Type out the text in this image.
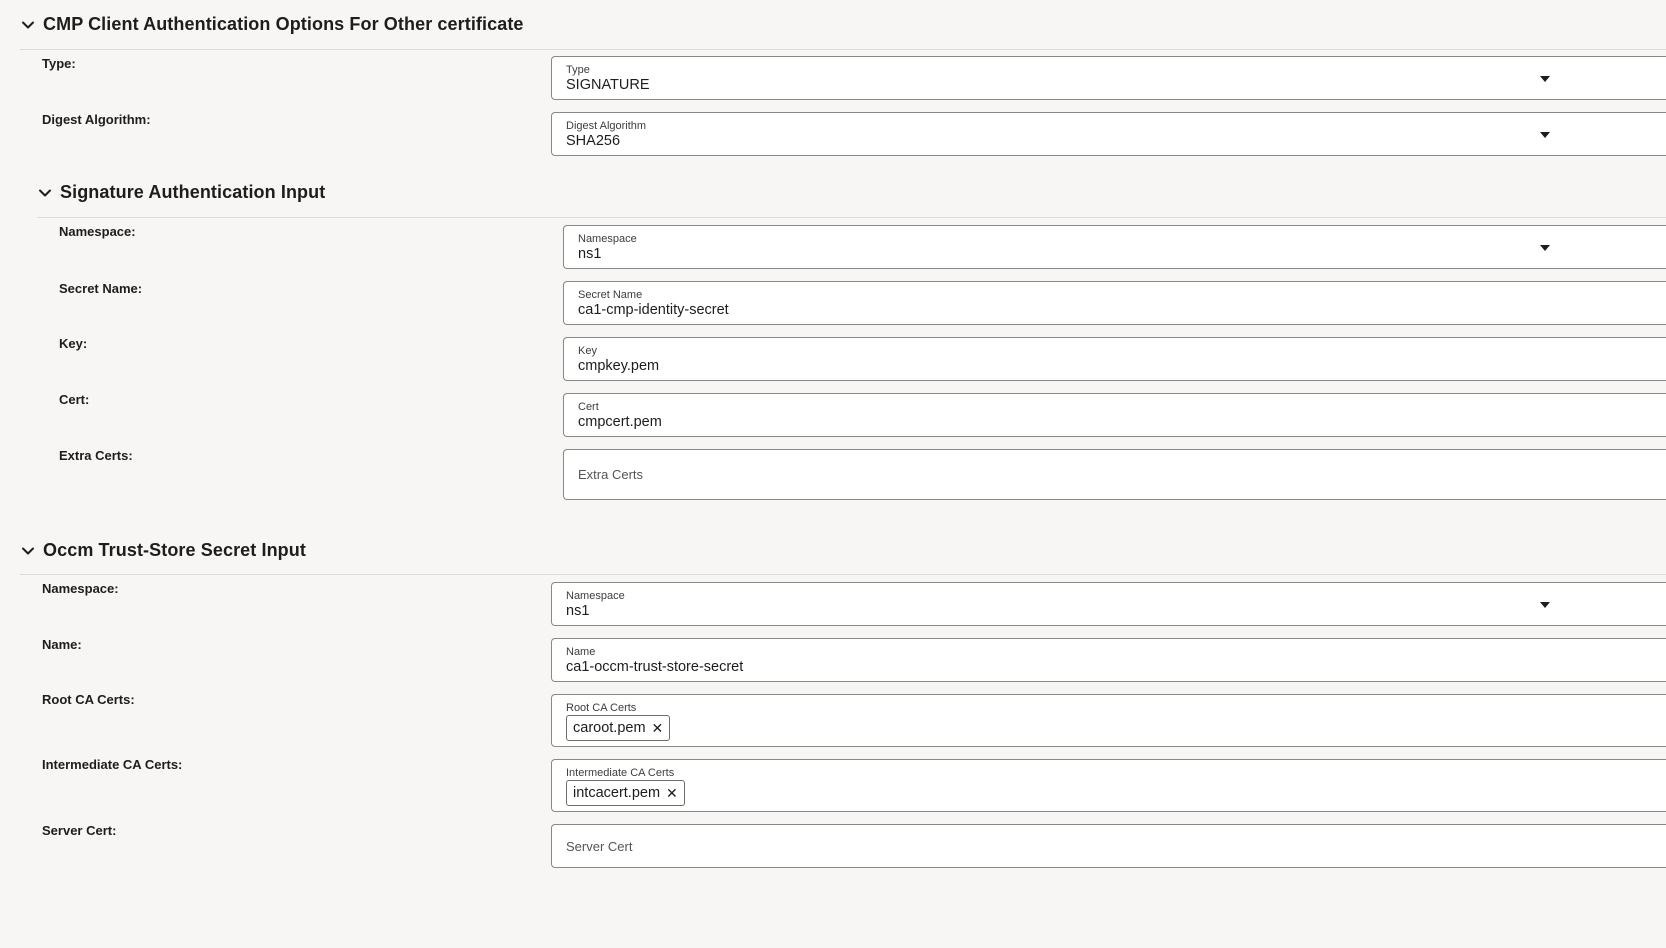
CMP Client Authentication Options For Other certificate
Type:	Type
SIGNATURE
Digest Algorithm:	Digest Algorithm
SHA256
Signature Authentication Input
Namespace:	Namespace
ns1
Secret Name:	Secret Name
ca1-cmp-identity-secret
Key:	Key
cmpkey.pem
Cert:	Cert
cmpcert.pem
Extra Certs:
Extra Certs
Occm Trust-Store Secret Input
Namespace:	Namespace
ns1
Name:	Name
ca1-occm-trust-store-secret
Root CA Certs:
Root CA Certs
caroot.pem ✕
Intermediate CA Certs:
Intermediate CA Certs
intcacert.pem ✕
Server Cert:
Server Cert
